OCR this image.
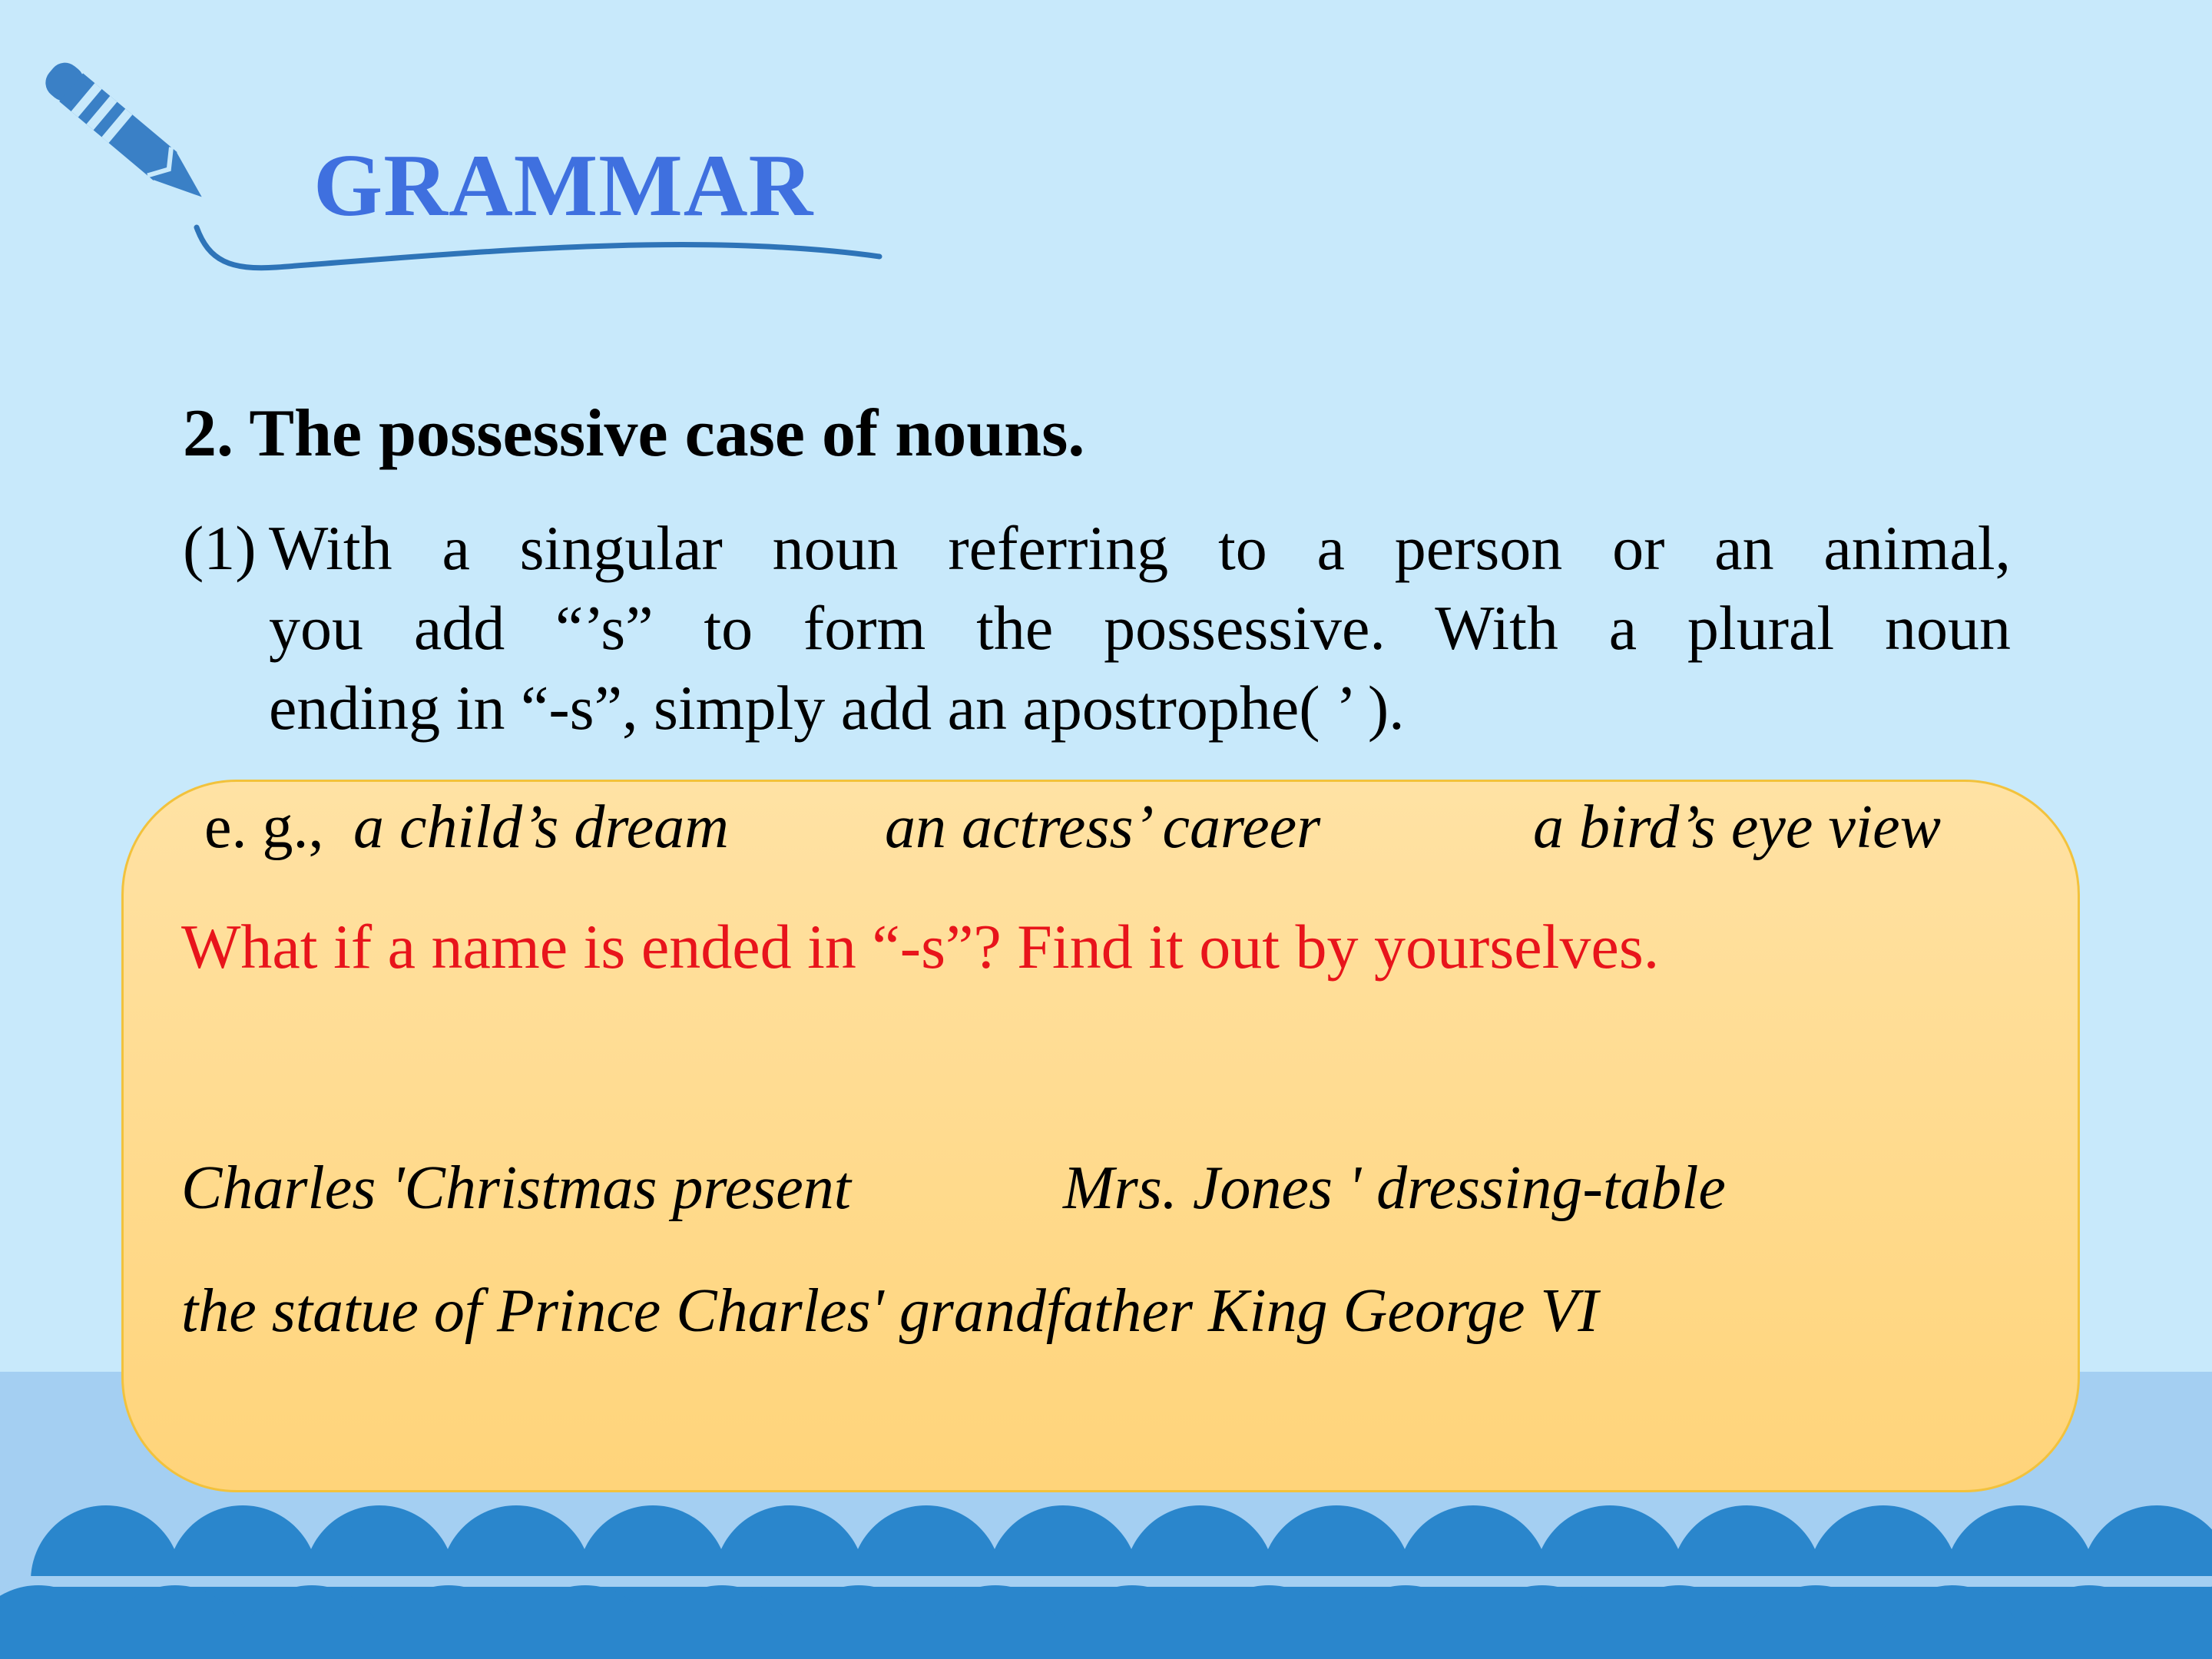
GRAMMAR
2. The possessive case of nouns.
(1) With a singular noun referring to a person or an animal,
you add “’s” to form the possessive. With a plural noun
ending in “-s”, simply add an apostrophe( ’ ).
e. g., a child’s dream	an actress’ career	a bird’s eye view
What if a name is ended in “-s”? Find it out by yourselves.
Charles 'Christmas present	Mrs. Jones ' dressing-table
the statue of Prince Charles' grandfather King George VI
